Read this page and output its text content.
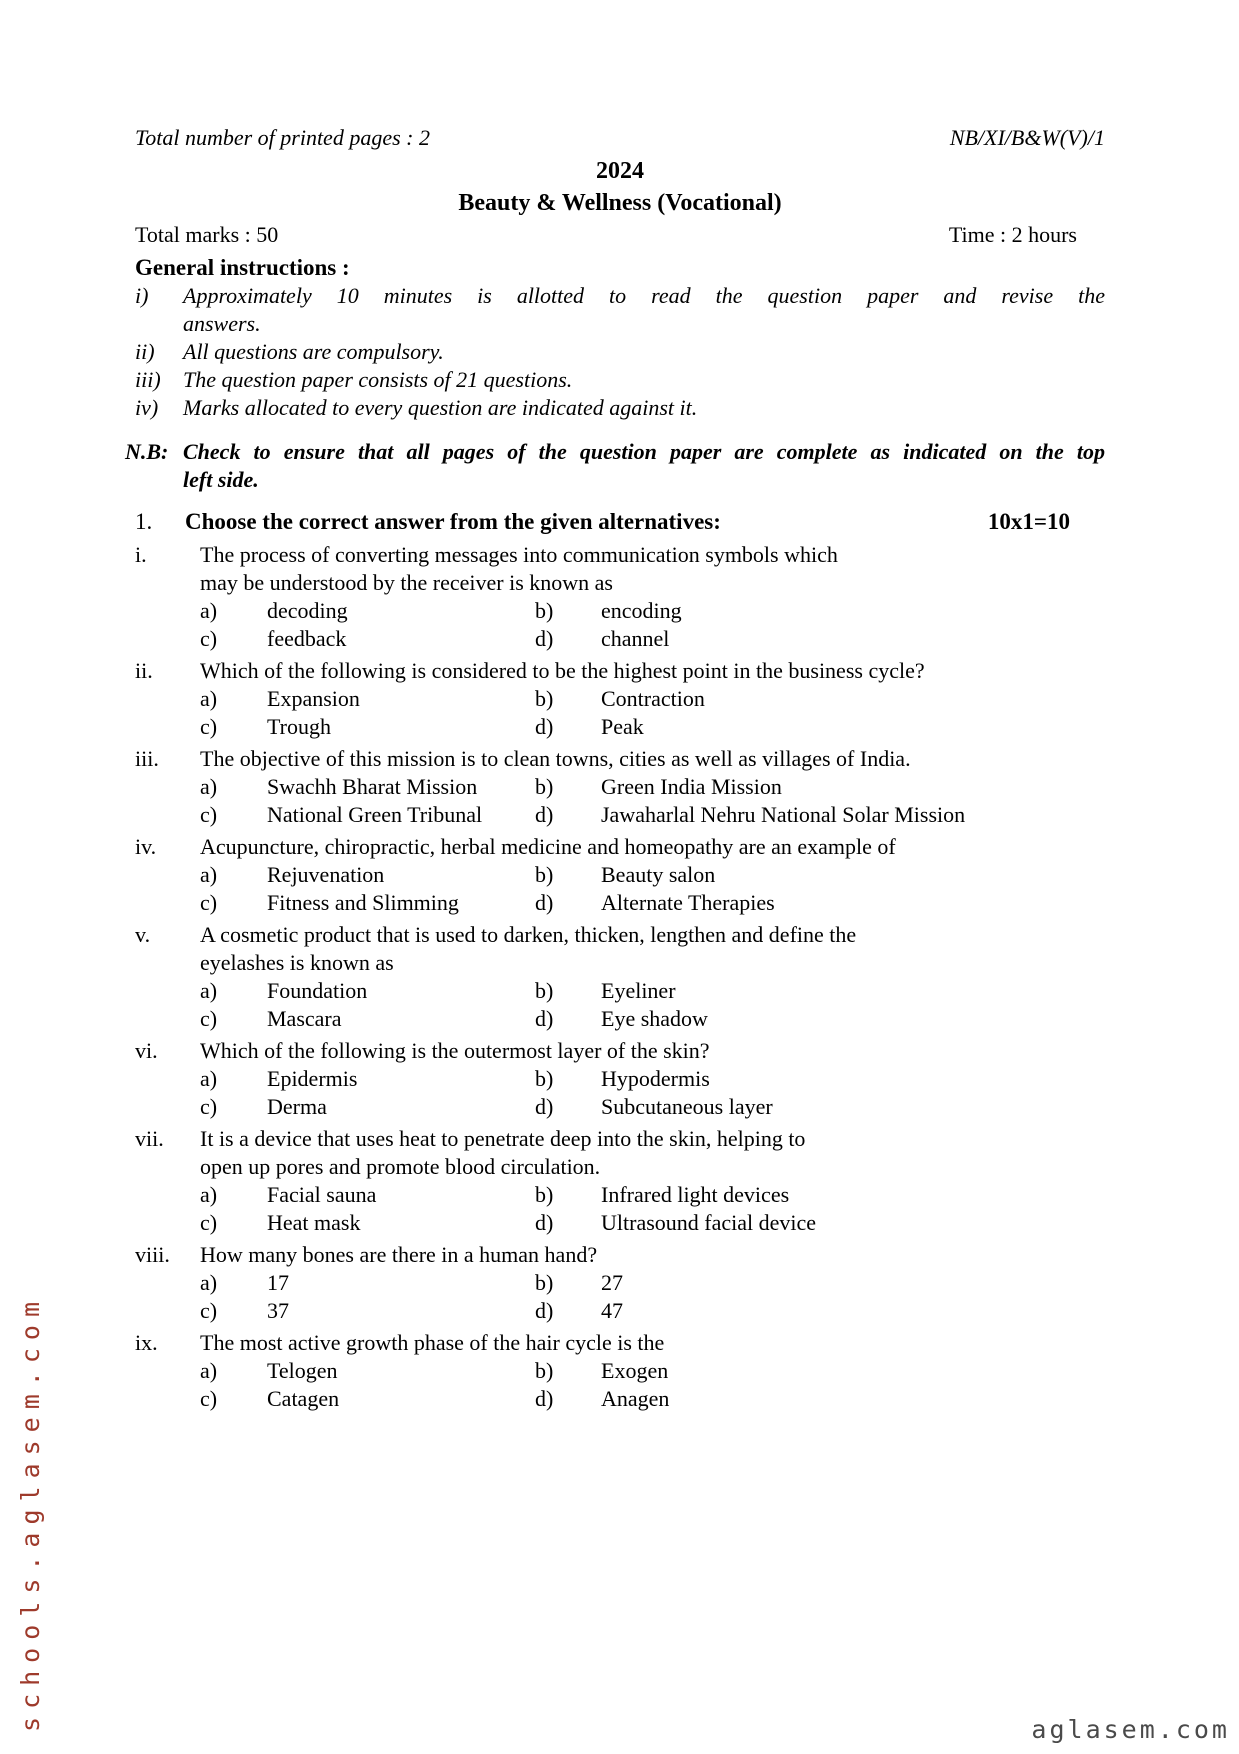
Total number of printed pages : 2	NB/XI/B&W(V)/1
2024
Beauty & Wellness (Vocational)
Total marks : 50	Time : 2 hours
General instructions :
i)	Approximately 10 minutes is allotted to read the question paper and revise the
answers.
ii)	All questions are compulsory.
iii)	The question paper consists of 21 questions.
iv)	Marks allocated to every question are indicated against it.
N.B: Check to ensure that all pages of the question paper are complete as indicated on the top
left side.
1.	Choose the correct answer from the given alternatives:	10x1=10
i.	The process of converting messages into communication symbols which
may be understood by the receiver is known as
a)	decoding	b)	encoding
c)	feedback	d)	channel
ii.	Which of the following is considered to be the highest point in the business cycle?
a)	Expansion	b)	Contraction
c)	Trough	d)	Peak
iii.	The objective of this mission is to clean towns, cities as well as villages of India.
a)	Swachh Bharat Mission	b)	Green India Mission
c)	National Green Tribunal	d)	Jawaharlal Nehru National Solar Mission
iv.	Acupuncture, chiropractic, herbal medicine and homeopathy are an example of
a)	Rejuvenation	b)	Beauty salon
c)	Fitness and Slimming	d)	Alternate Therapies
v.	A cosmetic product that is used to darken, thicken, lengthen and define the
eyelashes is known as
a)	Foundation	b)	Eyeliner
c)	Mascara	d)	Eye shadow
vi.	Which of the following is the outermost layer of the skin?
a)	Epidermis	b)	Hypodermis
c)	Derma	d)	Subcutaneous layer
vii.	It is a device that uses heat to penetrate deep into the skin, helping to
open up pores and promote blood circulation.
a)	Facial sauna	b)	Infrared light devices
c)	Heat mask	d)	Ultrasound facial device
viii.	How many bones are there in a human hand?
a)	17	b)	27
c)	37	d)	47
ix.	The most active growth phase of the hair cycle is the
a)	Telogen	b)	Exogen
c)	Catagen	d)	Anagen
schools.aglasem.com	aglasem.com
